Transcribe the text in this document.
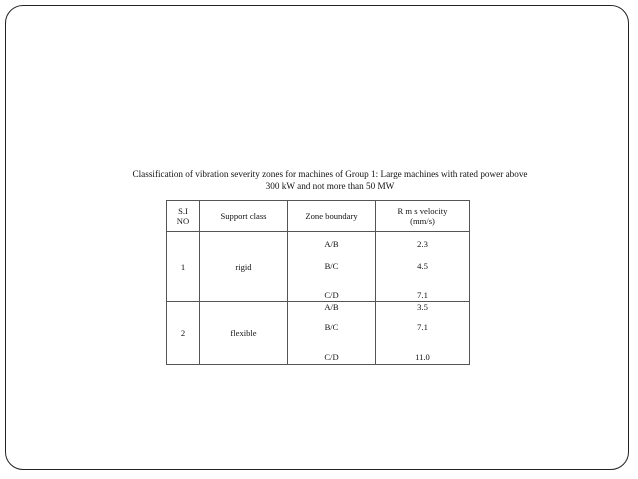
Classification of vibration severity zones for machines of Group 1: Large machines with rated power above
300 kW and not more than 50 MW
S.I
NO	Support class	Zone boundary	R m s velocity
(mm/s)

1	rigid	A/B	2.3
		B/C	4.5
		C/D	7.1
2	flexible	A/B	3.5
		B/C	7.1
		C/D	11.0
